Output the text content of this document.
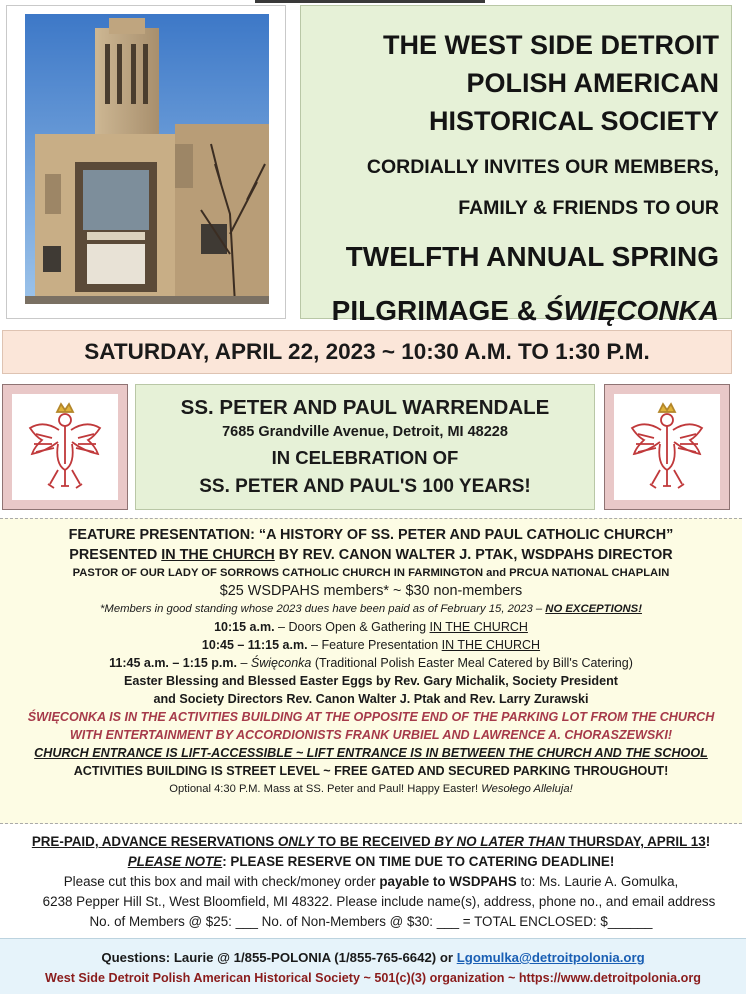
THE WEST SIDE DETROIT
POLISH AMERICAN
HISTORICAL SOCIETY
CORDIALLY INVITES OUR MEMBERS,
FAMILY & FRIENDS TO OUR
TWELFTH ANNUAL SPRING
PILGRIMAGE & ŚWIĘCONKA
SATURDAY, APRIL 22, 2023 ~ 10:30 A.M. TO 1:30 P.M.
SS. PETER AND PAUL WARRENDALE
7685 Grandville Avenue, Detroit, MI 48228
IN CELEBRATION OF
SS. PETER AND PAUL'S 100 YEARS!
FEATURE PRESENTATION: “A HISTORY OF SS. PETER AND PAUL CATHOLIC CHURCH”
PRESENTED IN THE CHURCH BY REV. CANON WALTER J. PTAK, WSDPAHS DIRECTOR
PASTOR OF OUR LADY OF SORROWS CATHOLIC CHURCH IN FARMINGTON and PRCUA NATIONAL CHAPLAIN
$25 WSDPAHS members* ~ $30 non-members
*Members in good standing whose 2023 dues have been paid as of February 15, 2023 – NO EXCEPTIONS!
10:15 a.m. – Doors Open & Gathering IN THE CHURCH
10:45 – 11:15 a.m. – Feature Presentation IN THE CHURCH
11:45 a.m. – 1:15 p.m. – Święconka (Traditional Polish Easter Meal Catered by Bill's Catering)
Easter Blessing and Blessed Easter Eggs by Rev. Gary Michalik, Society President
and Society Directors Rev. Canon Walter J. Ptak and Rev. Larry Zurawski
ŚWIĘCONKA IS IN THE ACTIVITIES BUILDING AT THE OPPOSITE END OF THE PARKING LOT FROM THE CHURCH
WITH ENTERTAINMENT BY ACCORDIONISTS FRANK URBIEL AND LAWRENCE A. CHORASZEWSKI!
CHURCH ENTRANCE IS LIFT-ACCESSIBLE ~ LIFT ENTRANCE IS IN BETWEEN THE CHURCH AND THE SCHOOL
ACTIVITIES BUILDING IS STREET LEVEL ~ FREE GATED AND SECURED PARKING THROUGHOUT!
Optional 4:30 P.M. Mass at SS. Peter and Paul! Happy Easter! Wesołego Alleluja!
PRE-PAID, ADVANCE RESERVATIONS ONLY TO BE RECEIVED BY NO LATER THAN THURSDAY, APRIL 13!
PLEASE NOTE: PLEASE RESERVE ON TIME DUE TO CATERING DEADLINE!
Please cut this box and mail with check/money order payable to WSDPAHS to: Ms. Laurie A. Gomulka,
6238 Pepper Hill St., West Bloomfield, MI 48322. Please include name(s), address, phone no., and email address
No. of Members @ $25: ___ No. of Non-Members @ $30: ___ = TOTAL ENCLOSED: $______
Questions: Laurie @ 1/855-POLONIA (1/855-765-6642) or Lgomulka@detroitpolonia.org
West Side Detroit Polish American Historical Society ~ 501(c)(3) organization ~ https://www.detroitpolonia.org
